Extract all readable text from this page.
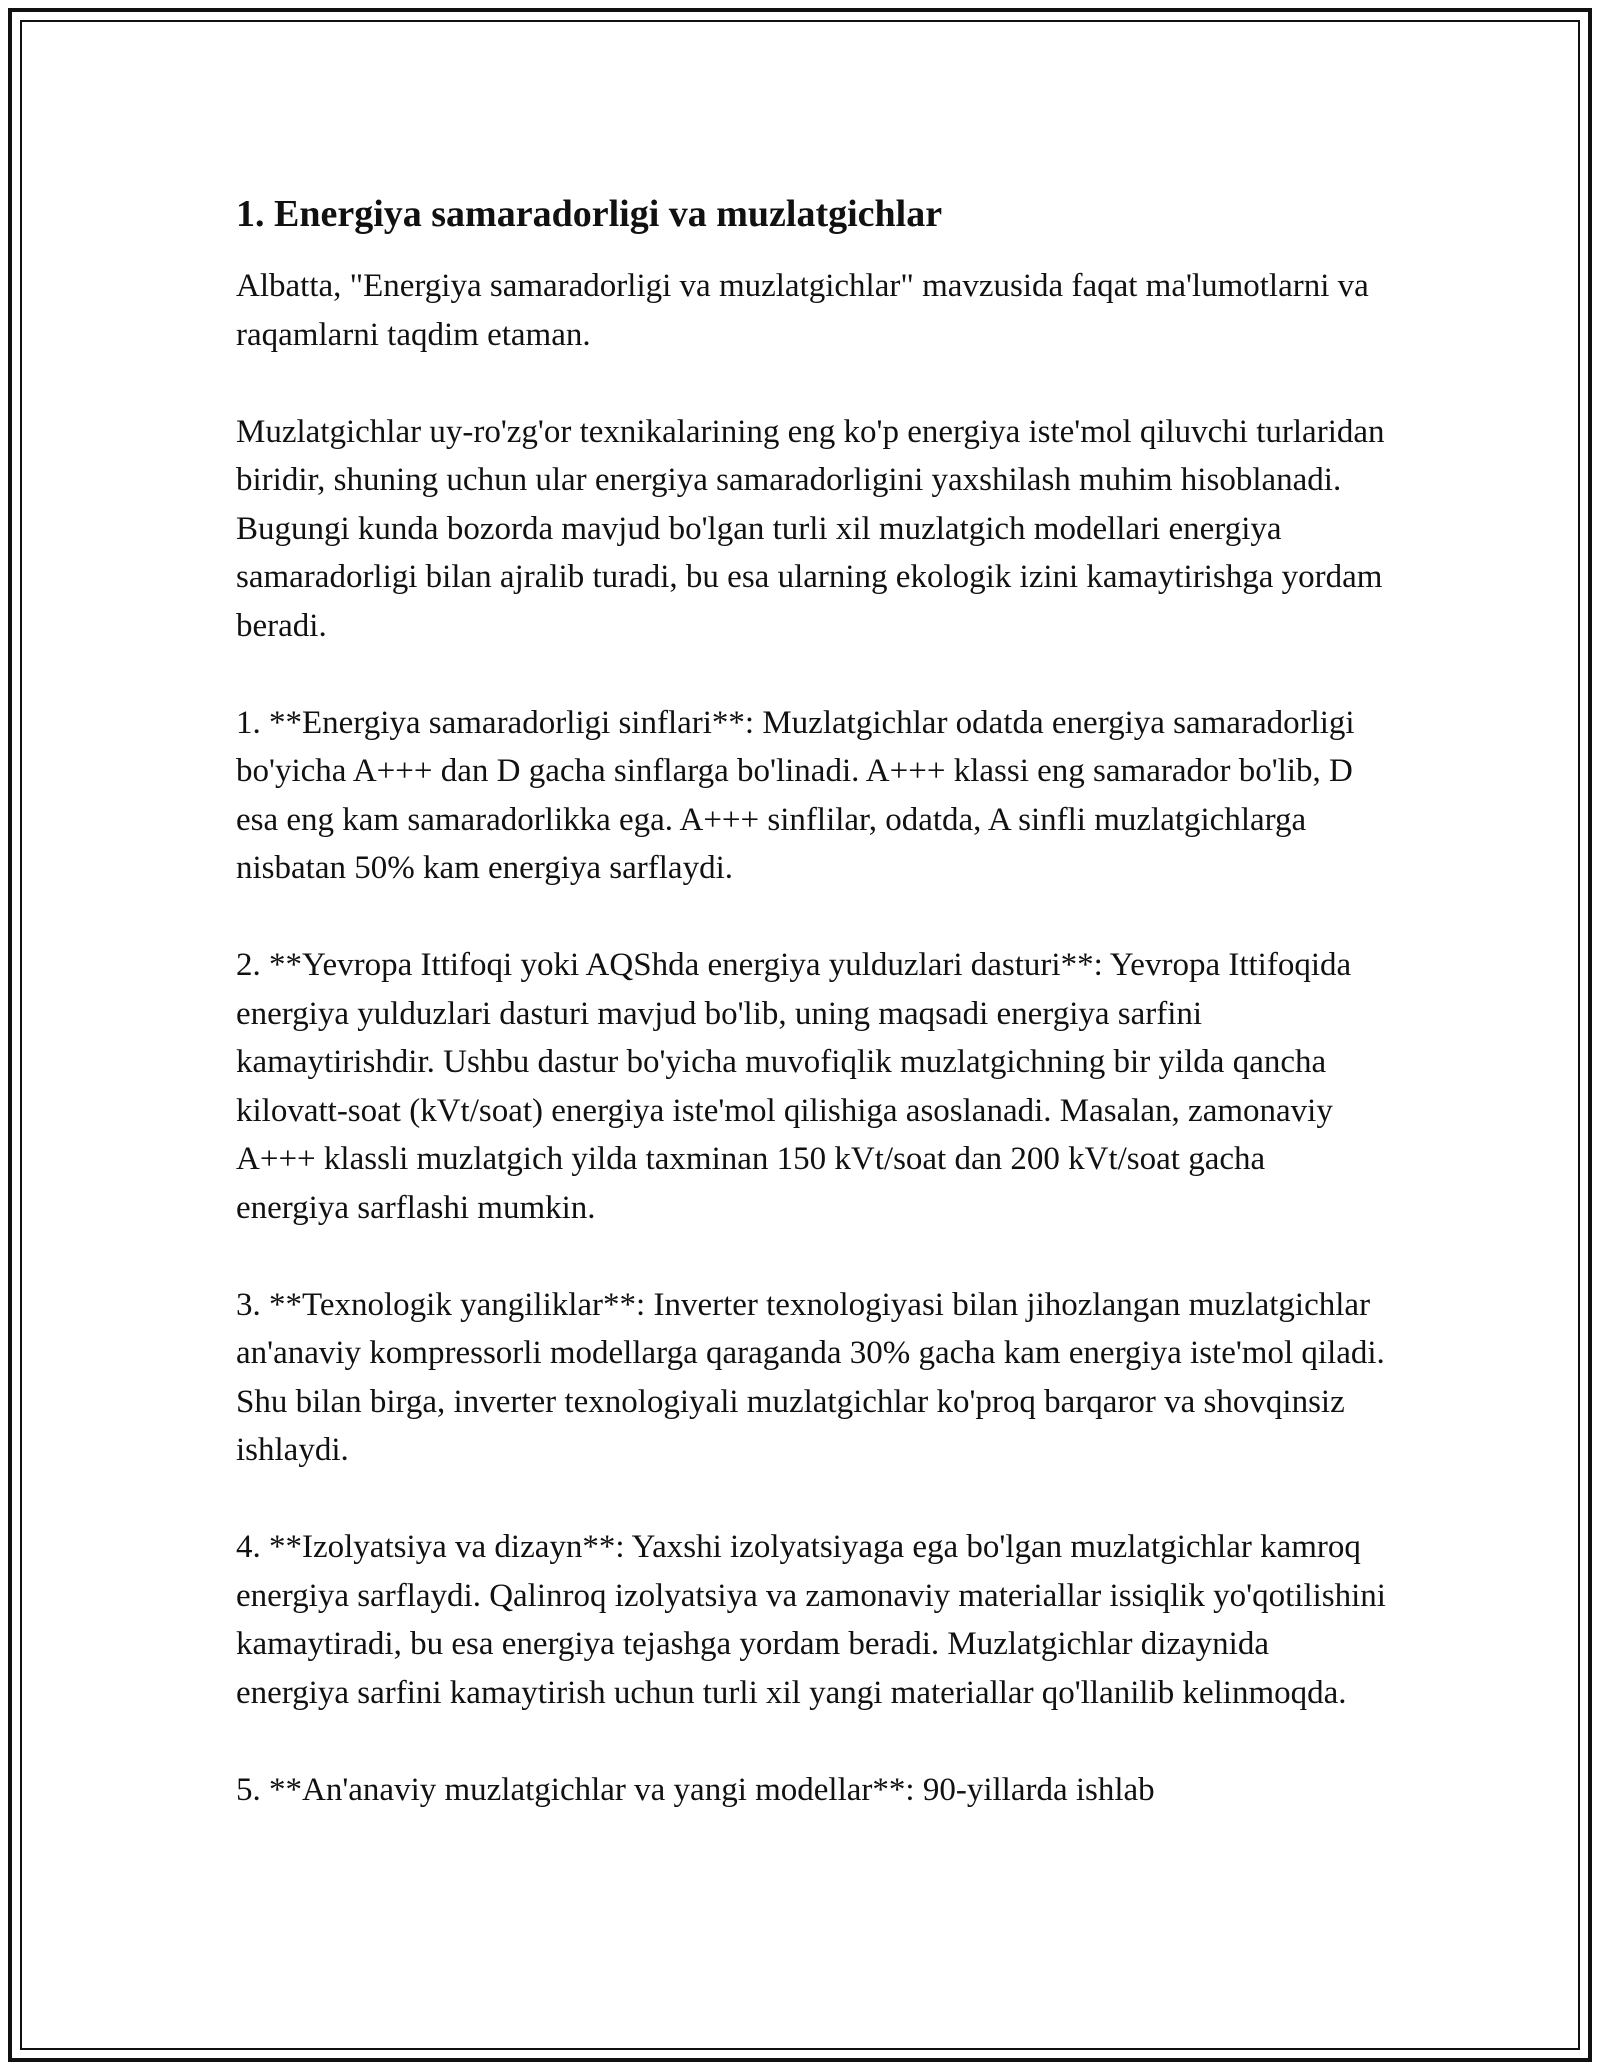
1. Energiya samaradorligi va muzlatgichlar

Albatta, "Energiya samaradorligi va muzlatgichlar" mavzusida faqat ma'lumotlarni va raqamlarni taqdim etaman.

Muzlatgichlar uy-ro'zg'or texnikalarining eng ko'p energiya iste'mol qiluvchi turlaridan biridir, shuning uchun ular energiya samaradorligini yaxshilash muhim hisoblanadi. Bugungi kunda bozorda mavjud bo'lgan turli xil muzlatgich modellari energiya samaradorligi bilan ajralib turadi, bu esa ularning ekologik izini kamaytirishga yordam beradi.

1. **Energiya samaradorligi sinflari**: Muzlatgichlar odatda energiya samaradorligi bo'yicha A+++ dan D gacha sinflarga bo'linadi. A+++ klassi eng samarador bo'lib, D esa eng kam samaradorlikka ega. A+++ sinflilar, odatda, A sinfli muzlatgichlarga nisbatan 50% kam energiya sarflaydi.

2. **Yevropa Ittifoqi yoki AQShda energiya yulduzlari dasturi**: Yevropa Ittifoqida energiya yulduzlari dasturi mavjud bo'lib, uning maqsadi energiya sarfini kamaytirishdir. Ushbu dastur bo'yicha muvofiqlik muzlatgichning bir yilda qancha kilovatt-soat (kVt/soat) energiya iste'mol qilishiga asoslanadi. Masalan, zamonaviy A+++ klassli muzlatgich yilda taxminan 150 kVt/soat dan 200 kVt/soat gacha energiya sarflashi mumkin.

3. **Texnologik yangiliklar**: Inverter texnologiyasi bilan jihozlangan muzlatgichlar an'anaviy kompressorli modellarga qaraganda 30% gacha kam energiya iste'mol qiladi. Shu bilan birga, inverter texnologiyali muzlatgichlar ko'proq barqaror va shovqinsiz ishlaydi.

4. **Izolyatsiya va dizayn**: Yaxshi izolyatsiyaga ega bo'lgan muzlatgichlar kamroq energiya sarflaydi. Qalinroq izolyatsiya va zamonaviy materiallar issiqlik yo'qotilishini kamaytiradi, bu esa energiya tejashga yordam beradi. Muzlatgichlar dizaynida energiya sarfini kamaytirish uchun turli xil yangi materiallar qo'llanilib kelinmoqda.

5. **An'anaviy muzlatgichlar va yangi modellar**: 90-yillarda ishlab
